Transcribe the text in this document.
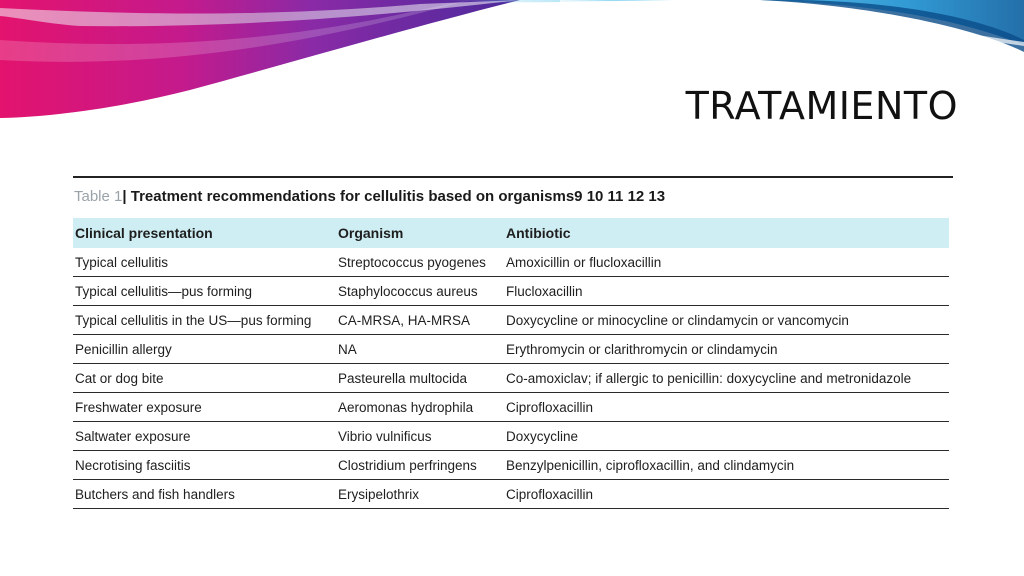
TRATAMIENTO
Table 1| Treatment recommendations for cellulitis based on organisms9 10 11 12 13
Clinical presentation	Organism	Antibiotic
Typical cellulitis	Streptococcus pyogenes	Amoxicillin or flucloxacillin
Typical cellulitis—pus forming	Staphylococcus aureus	Flucloxacillin
Typical cellulitis in the US—pus forming	CA-MRSA, HA-MRSA	Doxycycline or minocycline or clindamycin or vancomycin
Penicillin allergy	NA	Erythromycin or clarithromycin or clindamycin
Cat or dog bite	Pasteurella multocida	Co-amoxiclav; if allergic to penicillin: doxycycline and metronidazole
Freshwater exposure	Aeromonas hydrophila	Ciprofloxacillin
Saltwater exposure	Vibrio vulnificus	Doxycycline
Necrotising fasciitis	Clostridium perfringens	Benzylpenicillin, ciprofloxacillin, and clindamycin
Butchers and fish handlers	Erysipelothrix	Ciprofloxacillin
